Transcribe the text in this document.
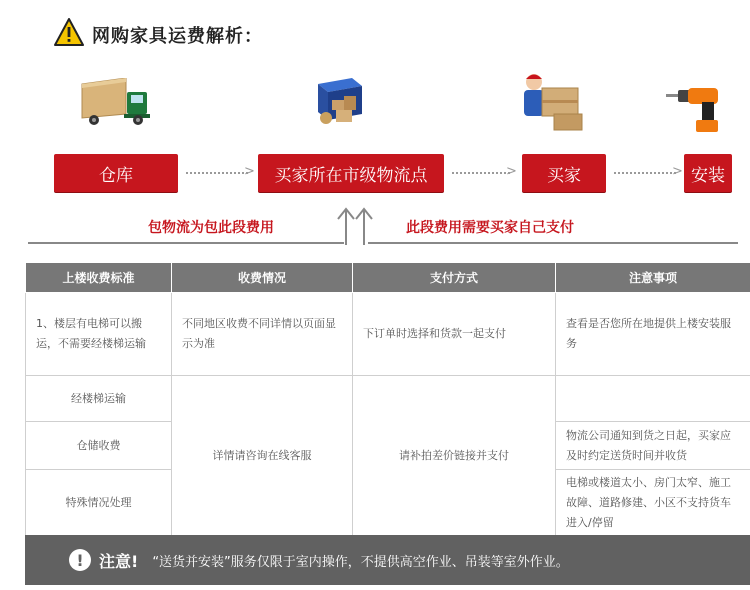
网购家具运费解析：
仓库	>	买家所在市级物流点	>	买家	> 安装
包物流为包此段费用	此段费用需要买家自己支付
上楼收费标准	收费情况	支付方式	注意事项
1、楼层有电梯可以搬运，不需要经楼梯运输	不同地区收费不同详情以页面显示为准	下订单时选择和货款一起支付	查看是否您所在地提供上楼安装服务
经楼梯运输	详情请咨询在线客服	请补拍差价链接并支付	
仓储收费			物流公司通知到货之日起，买家应及时约定送货时间并收货
特殊情况处理			电梯或楼道太小、房门太窄、施工故障、道路修建、小区不支持货车进入/停留
! 注意! “送货并安装”服务仅限于室内操作，不提供高空作业、吊装等室外作业。
